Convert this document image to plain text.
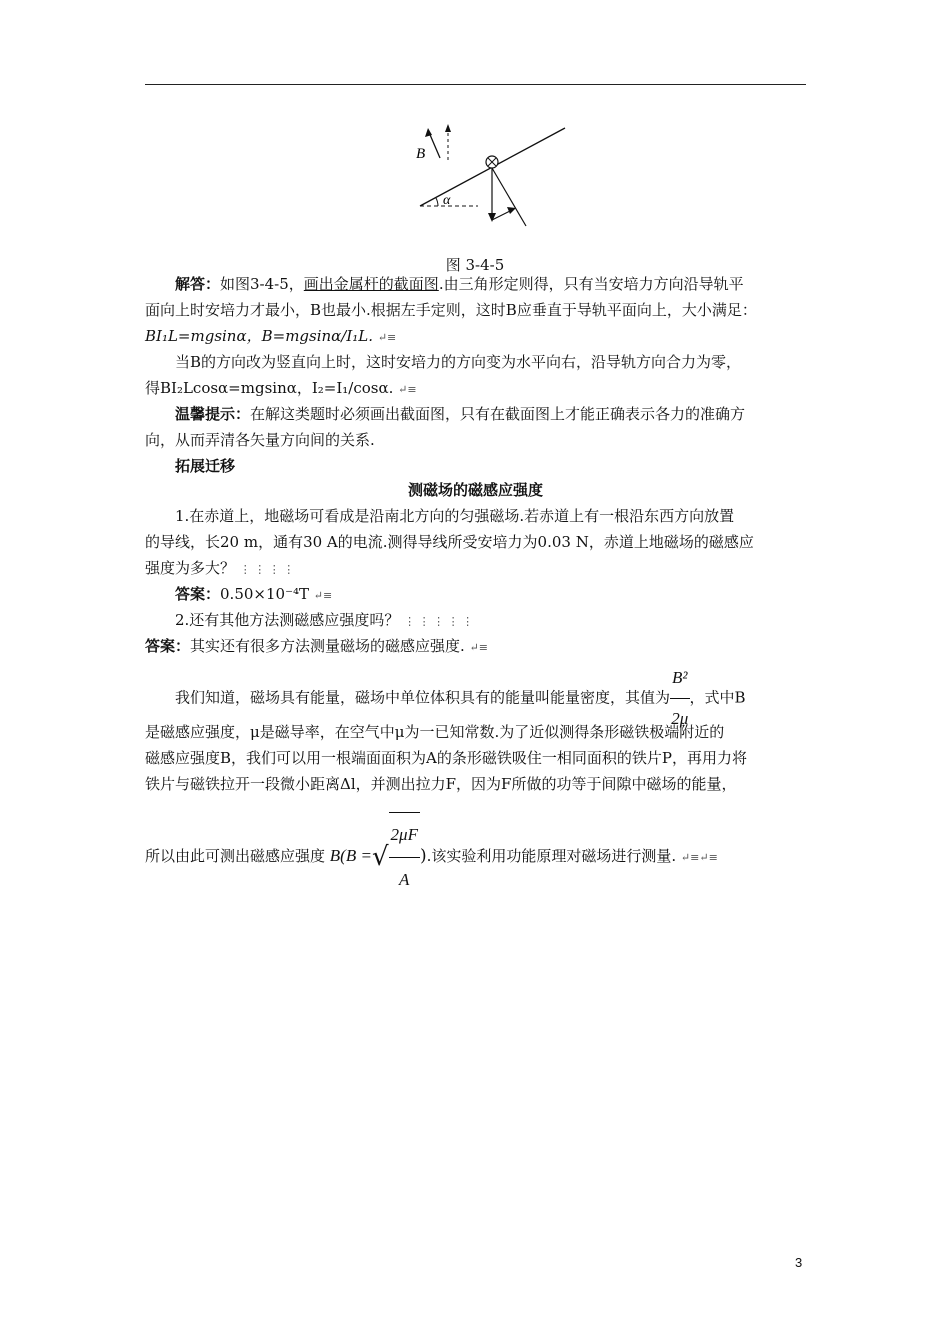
α
B
图 3-4-5
解答：如图3-4-5，画出金属杆的截面图.由三角形定则得，只有当安培力方向沿导轨平
面向上时安培力才最小，B也最小.根据左手定则，这时B应垂直于导轨平面向上，大小满足：
BI₁L=mgsinα，B=mgsinα/I₁L. ↵≡
当B的方向改为竖直向上时，这时安培力的方向变为水平向右，沿导轨方向合力为零，
得BI₂Lcosα=mgsinα，I₂=I₁/cosα. ↵≡
温馨提示：在解这类题时必须画出截面图，只有在截面图上才能正确表示各力的准确方
向，从而弄清各矢量方向间的关系.
拓展迁移
测磁场的磁感应强度
1.在赤道上，地磁场可看成是沿南北方向的匀强磁场.若赤道上有一根沿东西方向放置
的导线，长20 m，通有30 A的电流.测得导线所受安培力为0.03 N，赤道上地磁场的磁感应
强度为多大？ ⋮ ⋮ ⋮ ⋮
答案：0.50×10⁻⁴T ↵≡
2.还有其他方法测磁感应强度吗？ ⋮ ⋮ ⋮ ⋮ ⋮
答案：其实还有很多方法测量磁场的磁感应强度. ↵≡
我们知道，磁场具有能量，磁场中单位体积具有的能量叫能量密度，其值为 $\frac{\text{B²}}{2\mu}$ ，式中B
是磁感应强度，μ是磁导率，在空气中μ为一已知常数.为了近似测得条形磁铁极端附近的
磁感应强度B，我们可以用一根端面面积为A的条形磁铁吸住一相同面积的铁片P，再用力将
铁片与磁铁拉开一段微小距离Δl，并测出拉力F，因为F所做的功等于间隙中磁场的能量，
所以由此可测出磁感应强度 B(B =√ $\frac{2\mu F}{A}$ ).该实验利用功能原理对磁场进行测量. ↵≡↵≡
3
